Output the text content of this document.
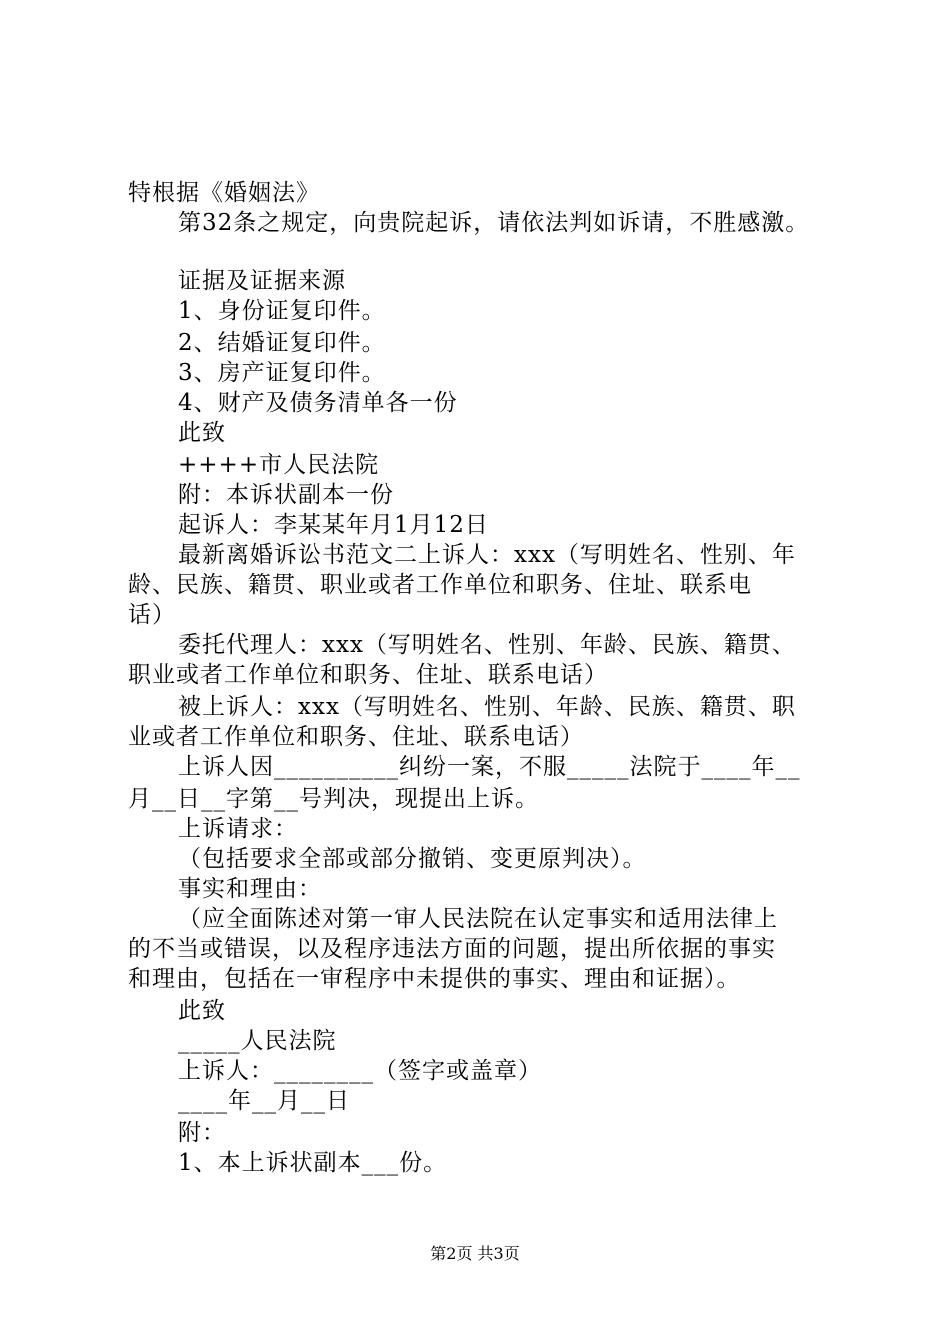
特根据《婚姻法》
第32条之规定，向贵院起诉，请依法判如诉请，不胜感激。
证据及证据来源
1、身份证复印件。
2、结婚证复印件。
3、房产证复印件。
4、财产及债务清单各一份
此致
++++市人民法院
附：本诉状副本一份
起诉人：李某某年月1月12日
最新离婚诉讼书范文二上诉人：xxx（写明姓名、性别、年
龄、民族、籍贯、职业或者工作单位和职务、住址、联系电
话）
委托代理人：xxx（写明姓名、性别、年龄、民族、籍贯、
职业或者工作单位和职务、住址、联系电话）
被上诉人：xxx（写明姓名、性别、年龄、民族、籍贯、职
业或者工作单位和职务、住址、联系电话）
上诉人因__________纠纷一案，不服_____法院于____年__
月__日__字第__号判决，现提出上诉。
上诉请求：
（包括要求全部或部分撤销、变更原判决）。
事实和理由：
（应全面陈述对第一审人民法院在认定事实和适用法律上
的不当或错误，以及程序违法方面的问题，提出所依据的事实
和理由，包括在一审程序中未提供的事实、理由和证据）。
此致
_____人民法院
上诉人：________（签字或盖章）
____年__月__日
附：
1、本上诉状副本___份。
第2页 共3页
